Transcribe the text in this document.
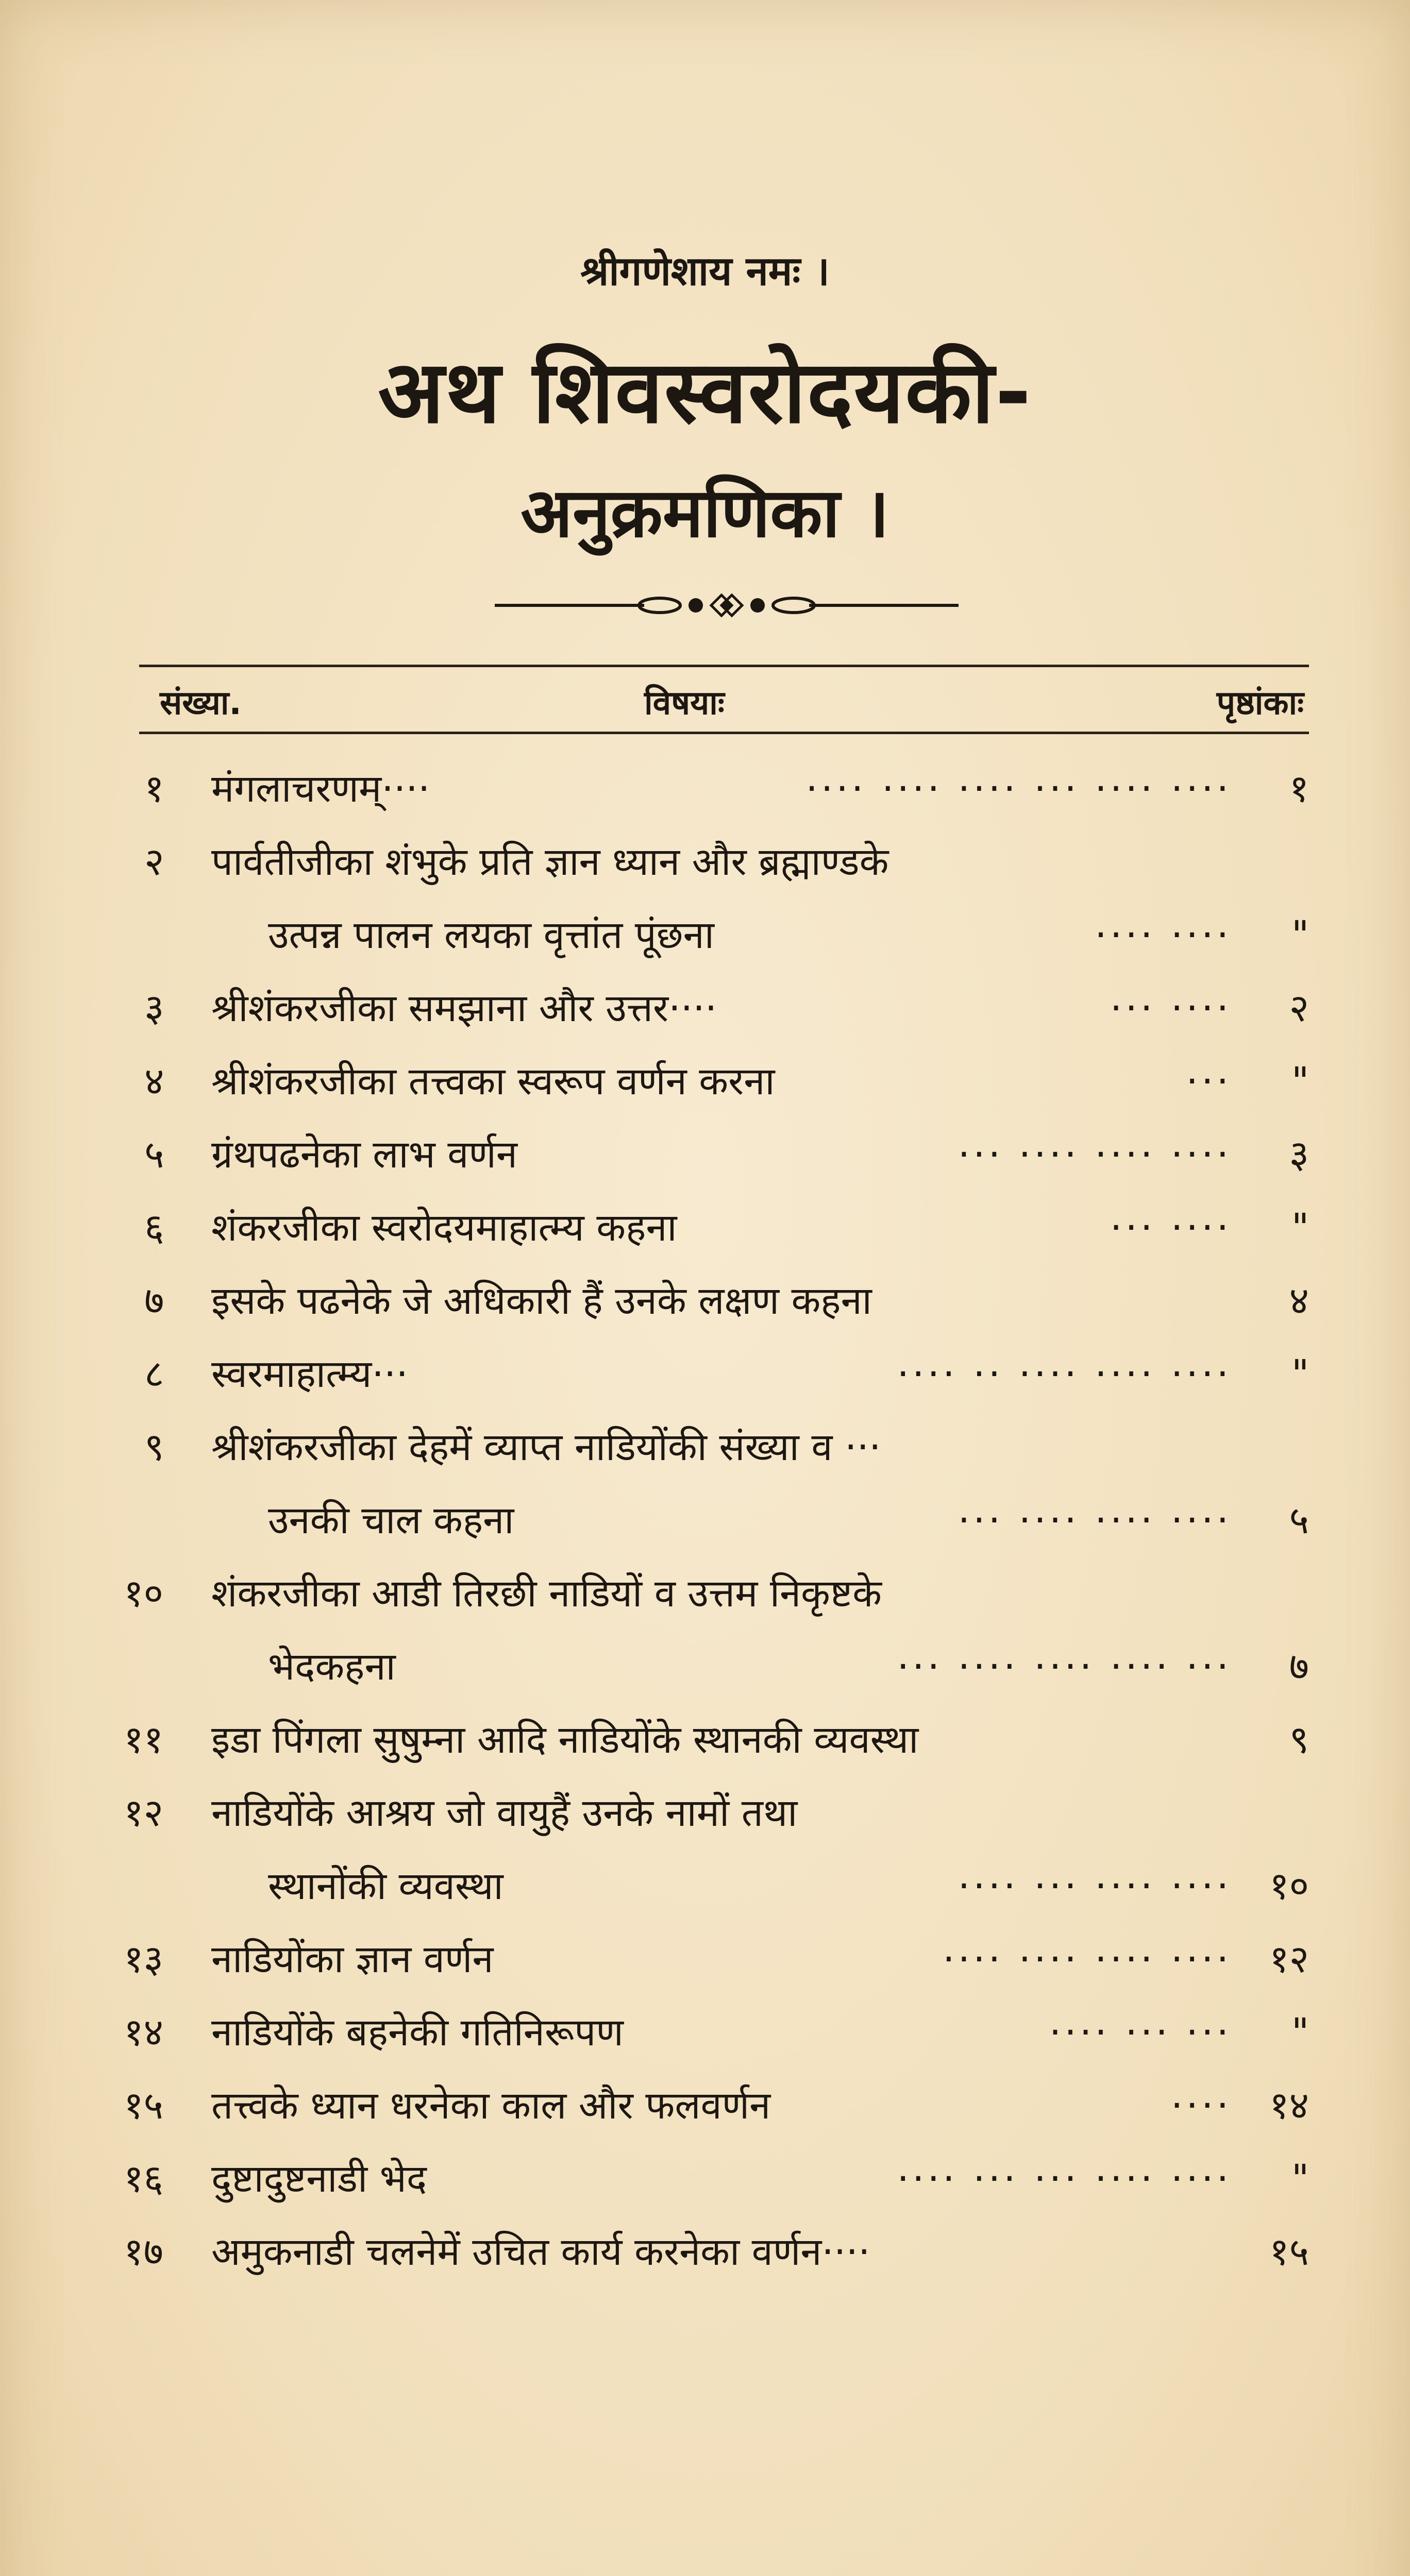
श्रीगणेशाय नमः ।
अथ शिवस्वरोदयकी-
अनुक्रमणिका ।
संख्या.	विषयाः	पृष्ठांकाः
१ मंगलाचरणम्····	···· ···· ···· ··· ···· ····	१
२ पार्वतीजीका शंभुके प्रति ज्ञान ध्यान और ब्रह्माण्डके
उत्पन्न पालन लयका वृत्तांत पूंछना	···· ····	"
३ श्रीशंकरजीका समझाना और उत्तर····	··· ····	२
४ श्रीशंकरजीका तत्त्वका स्वरूप वर्णन करना	···	"
५ ग्रंथपढनेका लाभ वर्णन	··· ···· ···· ····	३
६ शंकरजीका स्वरोदयमाहात्म्य कहना	··· ····	"
७ इसके पढनेके जे अधिकारी हैं उनके लक्षण कहना	४
८ स्वरमाहात्म्य···	···· ·· ···· ···· ····	"
९ श्रीशंकरजीका देहमें व्याप्त नाडियोंकी संख्या व ···
उनकी चाल कहना	··· ···· ···· ····	५
१० शंकरजीका आडी तिरछी नाडियों व उत्तम निकृष्टके
भेदकहना	··· ···· ···· ···· ···	७
११ इडा पिंगला सुषुम्ना आदि नाडियोंके स्थानकी व्यवस्था	९
१२ नाडियोंके आश्रय जो वायुहैं उनके नामों तथा
स्थानोंकी व्यवस्था	···· ··· ···· ···· १०
१३ नाडियोंका ज्ञान वर्णन	···· ···· ···· ···· १२
१४ नाडियोंके बहनेकी गतिनिरूपण	···· ··· ···	"
१५ तत्त्वके ध्यान धरनेका काल और फलवर्णन	···· १४
१६ दुष्टादुष्टनाडी भेद	···· ··· ··· ···· ····	"
१७ अमुकनाडी चलनेमें उचित कार्य करनेका वर्णन····	१५
